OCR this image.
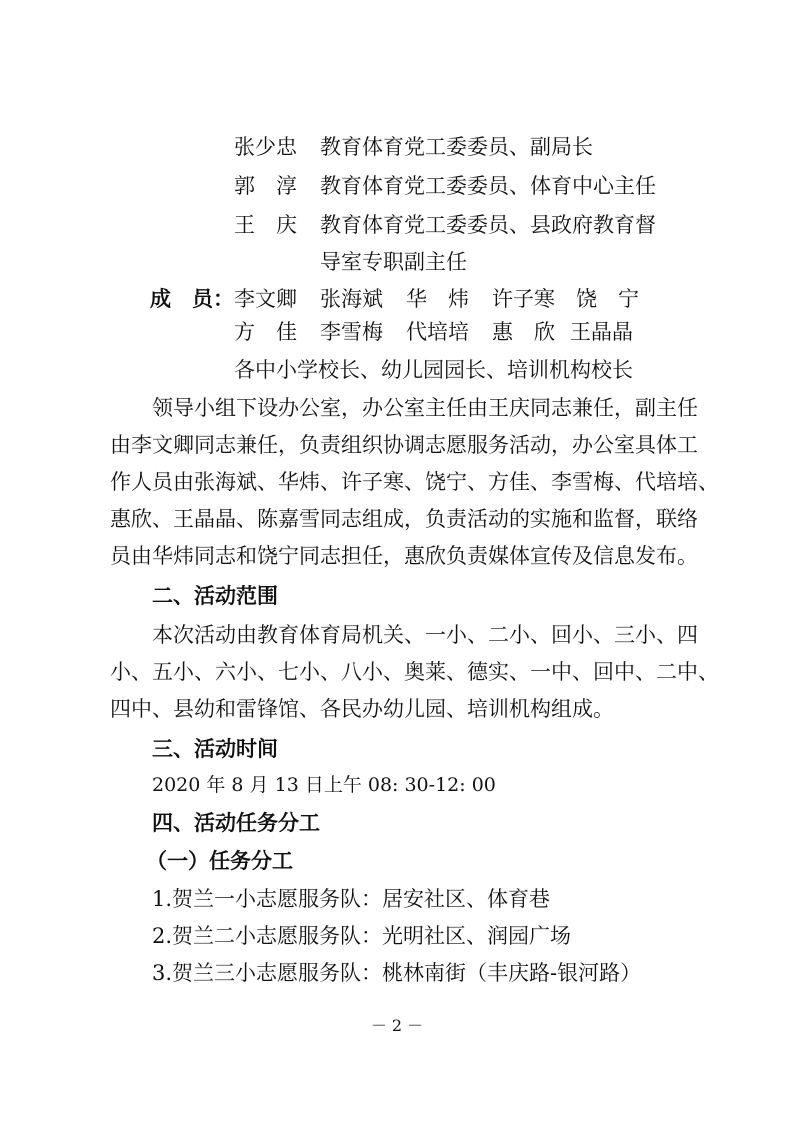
张少忠 教育体育党工委委员、副局长
郭　淳 教育体育党工委委员、体育中心主任
王　庆 教育体育党工委委员、县政府教育督
导室专职副主任
成　员： 李文卿 张海斌 华　炜 许子寒 饶　宁
方　佳 李雪梅 代培培 惠　欣 王晶晶
各中小学校长、幼儿园园长、培训机构校长
领导小组下设办公室，办公室主任由王庆同志兼任，副主任
由李文卿同志兼任，负责组织协调志愿服务活动，办公室具体工
作人员由张海斌、华炜、许子寒、饶宁、方佳、李雪梅、代培培、
惠欣、王晶晶、陈嘉雪同志组成，负责活动的实施和监督，联络
员由华炜同志和饶宁同志担任，惠欣负责媒体宣传及信息发布。
二、活动范围
本次活动由教育体育局机关、一小、二小、回小、三小、四
小、五小、六小、七小、八小、奥莱、德实、一中、回中、二中、
四中、县幼和雷锋馆、各民办幼儿园、培训机构组成。
三、活动时间
2020 年 8 月 13 日上午 08: 30-12: 00
四、活动任务分工
（一）任务分工
1.贺兰一小志愿服务队：居安社区、体育巷
2.贺兰二小志愿服务队：光明社区、润园广场
3.贺兰三小志愿服务队：桃林南街（丰庆路-银河路）
－ 2 －
